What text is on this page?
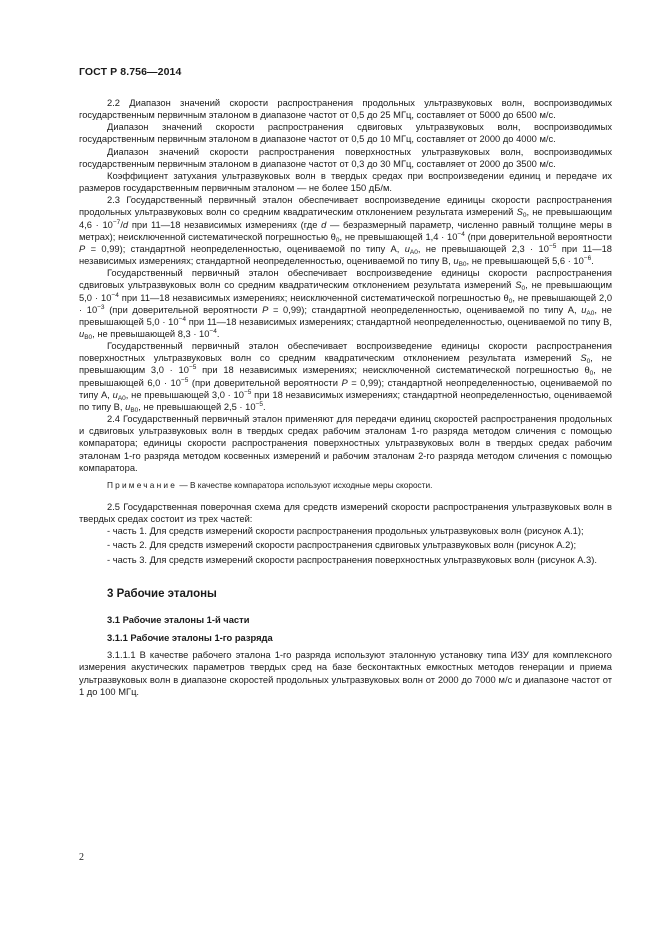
ГОСТ Р 8.756—2014

2.2 Диапазон значений скорости распространения продольных ультразвуковых волн, воспроизводимых государственным первичным эталоном в диапазоне частот от 0,5 до 25 МГц, составляет от 5000 до 6500 м/с.

Диапазон значений скорости распространения сдвиговых ультразвуковых волн, воспроизводимых государственным первичным эталоном в диапазоне частот от 0,5 до 10 МГц, составляет от 2000 до 4000 м/с.

Диапазон значений скорости распространения поверхностных ультразвуковых волн, воспроизводимых государственным первичным эталоном в диапазоне частот от 0,3 до 30 МГц, составляет от 2000 до 3500 м/с.

Коэффициент затухания ультразвуковых волн в твердых средах при воспроизведении единиц и передаче их размеров государственным первичным эталоном — не более 150 дБ/м.

2.3 Государственный первичный эталон обеспечивает воспроизведение единицы скорости распространения продольных ультразвуковых волн со средним квадратическим отклонением результата измерений $S_0$, не превышающим $4,6 \cdot 10^{-7}/d$ при 11—18 независимых измерениях (где d — безразмерный параметр, численно равный толщине меры в метрах); неисключенной систематической погрешностью $\theta_0$, не превышающей $1,4 \cdot 10^{-4}$ (при доверительной вероятности P = 0,99); стандартной неопределенностью, оцениваемой по типу А, $u_{A0}$, не превышающей $2,3 \cdot 10^{-5}$ при 11—18 независимых измерениях; стандартной неопределенностью, оцениваемой по типу В, $u_{B0}$, не превышающей $5,6 \cdot 10^{-6}$.

Государственный первичный эталон обеспечивает воспроизведение единицы скорости распространения сдвиговых ультразвуковых волн со средним квадратическим отклонением результата измерений $S_0$, не превышающим $5,0 \cdot 10^{-4}$ при 11—18 независимых измерениях; неисключенной систематической погрешностью $\theta_0$, не превышающей $2,0 \cdot 10^{-3}$ (при доверительной вероятности P = 0,99); стандартной неопределенностью, оцениваемой по типу А, $u_{A0}$, не превышающей $5,0 \cdot 10^{-4}$ при 11—18 независимых измерениях; стандартной неопределенностью, оцениваемой по типу В, $u_{B0}$, не превышающей $8,3 \cdot 10^{-4}$.

Государственный первичный эталон обеспечивает воспроизведение единицы скорости распространения поверхностных ультразвуковых волн со средним квадратическим отклонением результата измерений $S_0$, не превышающим $3,0 \cdot 10^{-5}$ при 18 независимых измерениях; неисключенной систематической погрешностью $\theta_0$, не превышающей $6,0 \cdot 10^{-5}$ (при доверительной вероятности P = 0,99); стандартной неопределенностью, оцениваемой по типу А, $u_{A0}$, не превышающей $3,0 \cdot 10^{-5}$ при 18 независимых измерениях; стандартной неопределенностью, оцениваемой по типу В, $u_{B0}$, не превышающей $2,5 \cdot 10^{-5}$.

2.4 Государственный первичный эталон применяют для передачи единиц скоростей распространения продольных и сдвиговых ультразвуковых волн в твердых средах рабочим эталонам 1-го разряда методом сличения с помощью компаратора; единицы скорости распространения поверхностных ультразвуковых волн в твердых средах рабочим эталонам 1-го разряда методом косвенных измерений и рабочим эталонам 2-го разряда методом сличения с помощью компаратора.

Примечание — В качестве компаратора используют исходные меры скорости.

2.5 Государственная поверочная схема для средств измерений скорости распространения ультразвуковых волн в твердых средах состоит из трех частей:

- часть 1. Для средств измерений скорости распространения продольных ультразвуковых волн (рисунок А.1);

- часть 2. Для средств измерений скорости распространения сдвиговых ультразвуковых волн (рисунок А.2);

- часть 3. Для средств измерений скорости распространения поверхностных ультразвуковых волн (рисунок А.3).

3 Рабочие эталоны
3.1 Рабочие эталоны 1-й части
3.1.1 Рабочие эталоны 1-го разряда

3.1.1.1 В качестве рабочего эталона 1-го разряда используют эталонную установку типа ИЗУ для комплексного измерения акустических параметров твердых сред на базе бесконтактных емкостных методов генерации и приема ультразвуковых волн в диапазоне скоростей продольных ультразвуковых волн от 2000 до 7000 м/с и диапазоне частот от 1 до 100 МГц.

2
